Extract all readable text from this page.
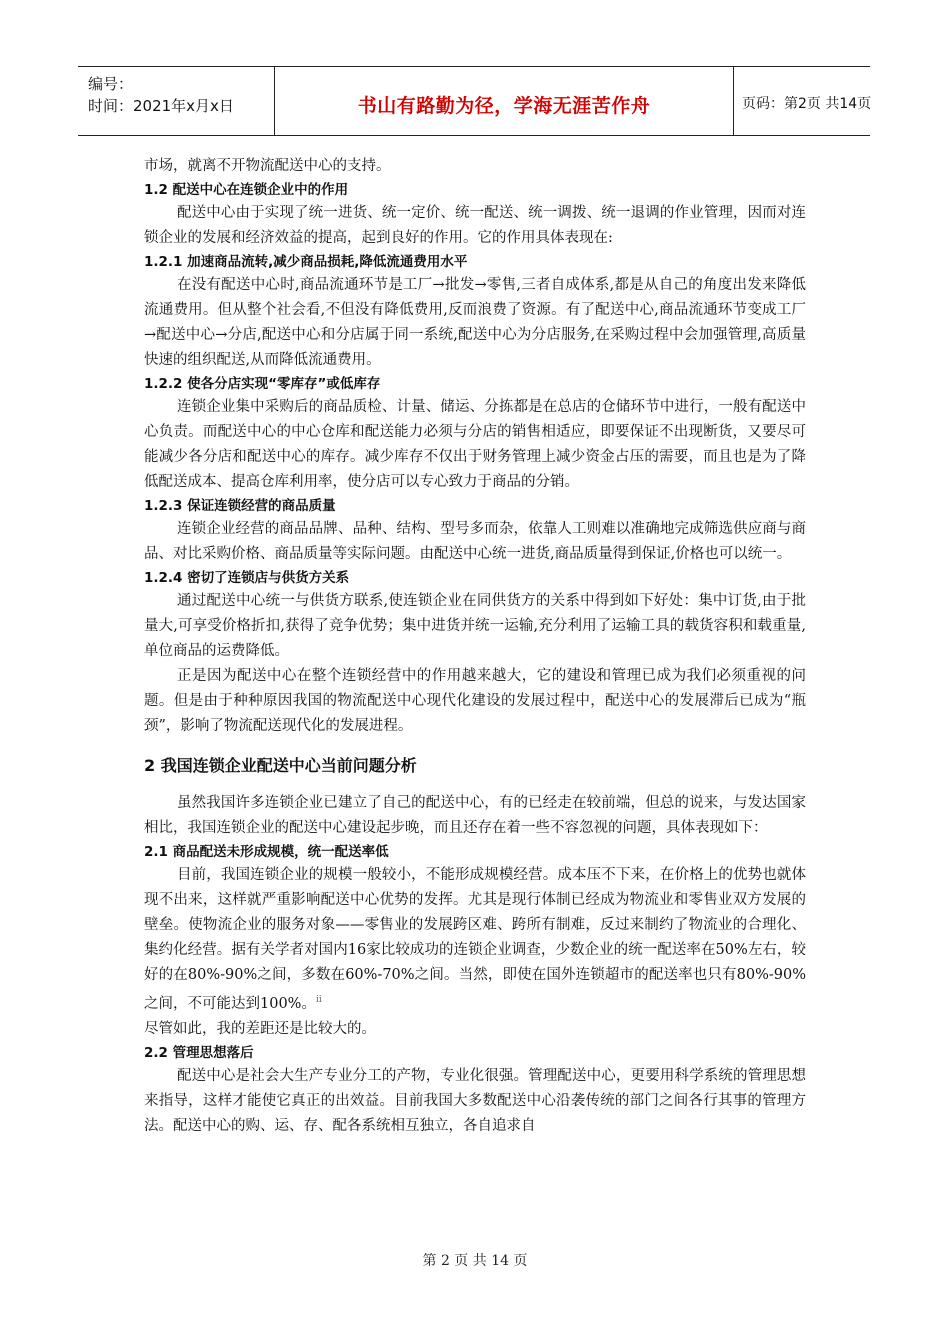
编号：
时间：2021年x月x日	书山有路勤为径，学海无涯苦作舟	页码：第2页 共14页

市场，就离不开物流配送中心的支持。

1.2 配送中心在连锁企业中的作用

配送中心由于实现了统一进货、统一定价、统一配送、统一调拨、统一退调的作业管理，因而对连锁企业的发展和经济效益的提高，起到良好的作用。它的作用具体表现在:

1.2.1 加速商品流转,减少商品损耗,降低流通费用水平

在没有配送中心时,商品流通环节是工厂→批发→零售,三者自成体系,都是从自己的角度出发来降低流通费用。但从整个社会看,不但没有降低费用,反而浪费了资源。有了配送中心,商品流通环节变成工厂→配送中心→分店,配送中心和分店属于同一系统,配送中心为分店服务,在采购过程中会加强管理,高质量快速的组织配送,从而降低流通费用。

1.2.2 使各分店实现“零库存”或低库存

连锁企业集中采购后的商品质检、计量、储运、分拣都是在总店的仓储环节中进行，一般有配送中心负责。而配送中心的中心仓库和配送能力必须与分店的销售相适应，即要保证不出现断货，又要尽可能减少各分店和配送中心的库存。减少库存不仅出于财务管理上减少资金占压的需要，而且也是为了降低配送成本、提高仓库利用率，使分店可以专心致力于商品的分销。

1.2.3 保证连锁经营的商品质量

连锁企业经营的商品品牌、品种、结构、型号多而杂，依靠人工则难以准确地完成筛选供应商与商品、对比采购价格、商品质量等实际问题。由配送中心统一进货,商品质量得到保证,价格也可以统一。

1.2.4 密切了连锁店与供货方关系

通过配送中心统一与供货方联系,使连锁企业在同供货方的关系中得到如下好处：集中订货,由于批量大,可享受价格折扣,获得了竞争优势；集中进货并统一运输,充分利用了运输工具的载货容积和载重量,单位商品的运费降低。

正是因为配送中心在整个连锁经营中的作用越来越大，它的建设和管理已成为我们必须重视的问题。但是由于种种原因我国的物流配送中心现代化建设的发展过程中，配送中心的发展滞后已成为“瓶颈”，影响了物流配送现代化的发展进程。

2 我国连锁企业配送中心当前问题分析

虽然我国许多连锁企业已建立了自己的配送中心，有的已经走在较前端，但总的说来，与发达国家相比，我国连锁企业的配送中心建设起步晚，而且还存在着一些不容忽视的问题，具体表现如下：

2.1 商品配送未形成规模，统一配送率低

目前，我国连锁企业的规模一般较小，不能形成规模经营。成本压不下来，在价格上的优势也就体现不出来，这样就严重影响配送中心优势的发挥。尤其是现行体制已经成为物流业和零售业双方发展的壁垒。使物流企业的服务对象——零售业的发展跨区难、跨所有制难，反过来制约了物流业的合理化、集约化经营。据有关学者对国内16家比较成功的连锁企业调查，少数企业的统一配送率在50%左右，较好的在80%-90%之间，多数在60%-70%之间。当然，即使在国外连锁超市的配送率也只有80%-90%之间，不可能达到100%。$^{ii}$
尽管如此，我的差距还是比较大的。

2.2 管理思想落后

配送中心是社会大生产专业分工的产物，专业化很强。管理配送中心，更要用科学系统的管理思想来指导，这样才能使它真正的出效益。目前我国大多数配送中心沿袭传统的部门之间各行其事的管理方法。配送中心的购、运、存、配各系统相互独立，各自追求自

第 2 页 共 14 页
